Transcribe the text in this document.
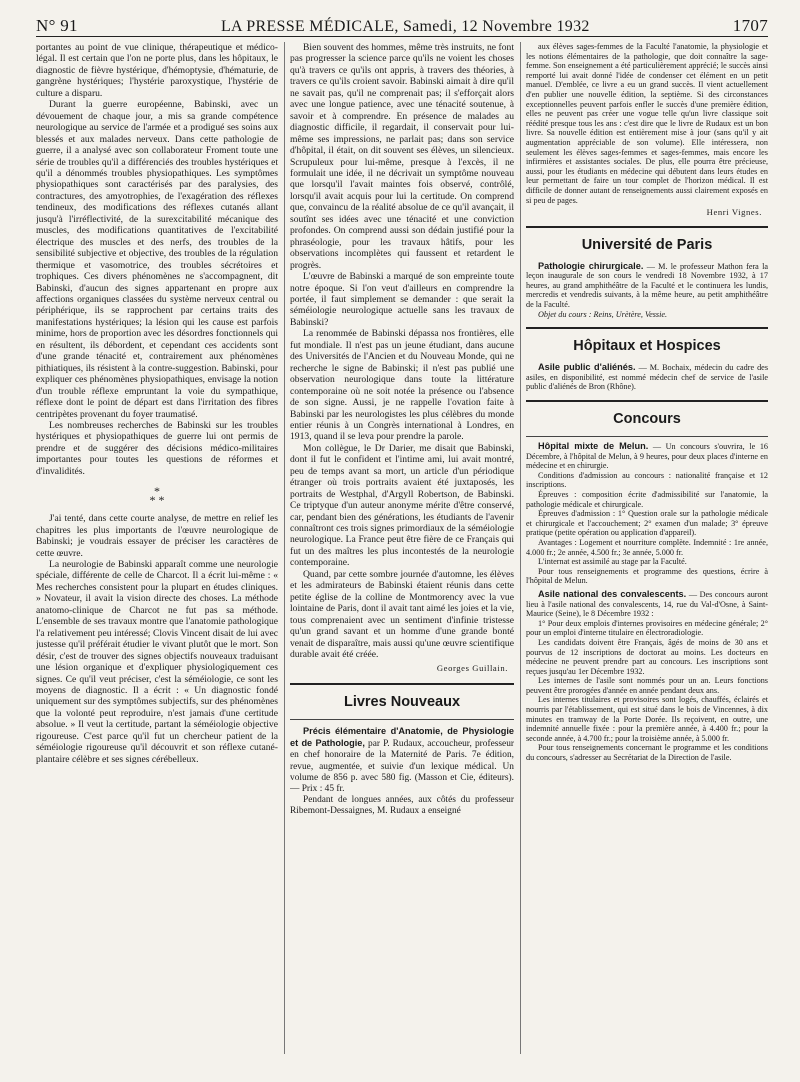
N° 91	LA PRESSE MÉDICALE, Samedi, 12 Novembre 1932	1707

portantes au point de vue clinique, thérapeutique et médico-légal. Il est certain que l'on ne porte plus, dans les hôpitaux, le diagnostic de fièvre hystérique, d'hémoptysie, d'hématurie, de gangrène hystériques; l'hystérie paroxystique, l'hystérie de culture a disparu.

Durant la guerre européenne, Babinski, avec un dévouement de chaque jour, a mis sa grande compétence neurologique au service de l'armée et a prodigué ses soins aux blessés et aux malades nerveux. Dans cette pathologie de guerre, il a analysé avec son collaborateur Froment toute une série de troubles qu'il a différenciés des troubles hystériques et qu'il a dénommés troubles physiopathiques. Les symptômes physiopathiques sont caractérisés par des paralysies, des contractures, des amyotrophies, de l'exagération des réflexes tendineux, des modifications des réflexes cutanés allant jusqu'à l'irréflectivité, de la surexcitabilité mécanique des muscles, des modifications quantitatives de l'excitabilité électrique des muscles et des nerfs, des troubles de la sensibilité subjective et objective, des troubles de la régulation thermique et vasomotrice, des troubles sécrétoires et trophiques. Ces divers phénomènes ne s'accompagnent, dit Babinski, d'aucun des signes appartenant en propre aux affections organiques classées du système nerveux central ou périphérique, ils se rapprochent par certains traits des manifestations hystériques; la lésion qui les cause est parfois minime, hors de proportion avec les désordres fonctionnels qui en résultent, ils débordent, et cependant ces accidents sont d'une grande ténacité et, contrairement aux phénomènes pithiatiques, ils résistent à la contre-suggestion. Babinski, pour expliquer ces phénomènes physiopathiques, envisage la notion d'un trouble réflexe empruntant la voie du sympathique, réflexe dont le point de départ est dans l'irritation des fibres centripètes provenant du foyer traumatisé.

Les nombreuses recherches de Babinski sur les troubles hystériques et physiopathiques de guerre lui ont permis de prendre et de suggérer des décisions médico-militaires importantes pour toutes les questions de réformes et d'invalidités.

*
* *

J'ai tenté, dans cette courte analyse, de mettre en relief les chapitres les plus importants de l'œuvre neurologique de Babinski; je voudrais essayer de préciser les caractères de cette œuvre.

La neurologie de Babinski apparaît comme une neurologie spéciale, différente de celle de Charcot. Il a écrit lui-même : « Mes recherches consistent pour la plupart en études cliniques. » Novateur, il avait la vision directe des choses. La méthode anatomo-clinique de Charcot ne fut pas sa méthode. L'ensemble de ses travaux montre que l'anatomie pathologique l'a relativement peu intéressé; Clovis Vincent disait de lui avec justesse qu'il préférait étudier le vivant plutôt que le mort. Son désir, c'est de trouver des signes objectifs nouveaux traduisant une lésion organique et d'expliquer physiologiquement ces signes. Ce qu'il veut préciser, c'est la séméiologie, ce sont les moyens de diagnostic. Il a écrit : « Un diagnostic fondé uniquement sur des symptômes subjectifs, sur des phénomènes que la volonté peut reproduire, n'est jamais d'une certitude absolue. » Il veut la certitude, partant la séméiologie objective rigoureuse. C'est parce qu'il fut un chercheur patient de la séméiologie rigoureuse qu'il découvrit et son réflexe cutané-plantaire célèbre et ses signes cérébelleux.

Bien souvent des hommes, même très instruits, ne font pas progresser la science parce qu'ils ne voient les choses qu'à travers ce qu'ils ont appris, à travers des théories, à travers ce qu'ils croient savoir. Babinski aimait à dire qu'il ne savait pas, qu'il ne comprenait pas; il s'efforçait alors avec une longue patience, avec une ténacité soutenue, à savoir et à comprendre. En présence de malades au diagnostic difficile, il regardait, il conservait pour lui-même ses impressions, ne parlait pas; dans son service d'hôpital, il était, on dit souvent ses élèves, un silencieux. Scrupuleux pour lui-même, presque à l'excès, il ne formulait une idée, il ne décrivait un symptôme nouveau que lorsqu'il l'avait maintes fois observé, contrôlé, lorsqu'il avait acquis pour lui la certitude. On comprend que, convaincu de la réalité absolue de ce qu'il avançait, il soutînt ses idées avec une ténacité et une conviction profondes. On comprend aussi son dédain justifié pour la phraséologie, pour les travaux hâtifs, pour les observations incomplètes qui faussent et retardent le progrès.

L'œuvre de Babinski a marqué de son empreinte toute notre époque. Si l'on veut d'ailleurs en comprendre la portée, il faut simplement se demander : que serait la séméiologie neurologique actuelle sans les travaux de Babinski?

La renommée de Babinski dépassa nos frontières, elle fut mondiale. Il n'est pas un jeune étudiant, dans aucune des Universités de l'Ancien et du Nouveau Monde, qui ne recherche le signe de Babinski; il n'est pas publié une observation neurologique dans toute la littérature contemporaine où ne soit notée la présence ou l'absence de son signe. Aussi, je ne rappelle l'ovation faite à Babinski par les neurologistes les plus célèbres du monde entier réunis à un Congrès international à Londres, en 1913, quand il se leva pour prendre la parole.

Mon collègue, le Dr Darier, me disait que Babinski, dont il fut le confident et l'intime ami, lui avait montré, peu de temps avant sa mort, un article d'un périodique étranger où trois portraits avaient été juxtaposés, les portraits de Westphal, d'Argyll Robertson, de Babinski. Ce triptyque d'un auteur anonyme mérite d'être conservé, car, pendant bien des générations, les étudiants de l'avenir connaîtront ces trois signes primordiaux de la séméiologie neurologique. La France peut être fière de ce Français qui fut un des maîtres les plus incontestés de la neurologie contemporaine.

Quand, par cette sombre journée d'automne, les élèves et les admirateurs de Babinski étaient réunis dans cette petite église de la colline de Montmorency avec la vue lointaine de Paris, dont il avait tant aimé les joies et la vie, tous comprenaient avec un sentiment d'infinie tristesse qu'un grand savant et un homme d'une grande bonté venait de disparaître, mais aussi qu'une œuvre scientifique durable avait été créée.

Georges Guillain.
Livres Nouveaux

Précis élémentaire d'Anatomie, de Physiologie et de Pathologie, par P. Rudaux, accoucheur, professeur en chef honoraire de la Maternité de Paris. 7e édition, revue, augmentée, et suivie d'un lexique médical. Un volume de 856 p. avec 580 fig. (Masson et Cie, éditeurs). — Prix : 45 fr.

Pendant de longues années, aux côtés du professeur Ribemont-Dessaignes, M. Rudaux a enseigné

aux élèves sages-femmes de la Faculté l'anatomie, la physiologie et les notions élémentaires de la pathologie, que doit connaître la sage-femme. Son enseignement a été particulièrement apprécié; le succès ainsi remporté lui avait donné l'idée de condenser cet élément en un petit manuel. D'emblée, ce livre a eu un grand succès. Il vient actuellement d'en publier une nouvelle édition, la septième. Si des circonstances exceptionnelles peuvent parfois enfler le succès d'une première édition, elles ne peuvent pas créer une vogue telle qu'un livre classique soit réédité presque tous les ans : c'est dire que le livre de Rudaux est un bon livre. Sa nouvelle édition est entièrement mise à jour (sans qu'il y ait augmentation appréciable de son volume). Elle intéressera, non seulement les élèves sages-femmes et sages-femmes, mais encore les infirmières et assistantes sociales. De plus, elle pourra être précieuse, aussi, pour les étudiants en médecine qui débutent dans leurs études en leur permettant de faire un tour complet de l'horizon médical. Il est difficile de donner autant de renseignements aussi clairement exposés en si peu de pages.

Henri Vignes.
Université de Paris

Pathologie chirurgicale. — M. le professeur Mathon fera la leçon inaugurale de son cours le vendredi 18 Novembre 1932, à 17 heures, au grand amphithéâtre de la Faculté et le continuera les lundis, mercredis et vendredis suivants, à la même heure, au petit amphithéâtre de la Faculté.

Objet du cours : Reins, Urètère, Vessie.

Hôpitaux et Hospices

Asile public d'aliénés. — M. Bochaix, médecin du cadre des asiles, en disponibilité, est nommé médecin chef de service de l'asile public d'aliénés de Bron (Rhône).

Concours

Hôpital mixte de Melun. — Un concours s'ouvrira, le 16 Décembre, à l'hôpital de Melun, à 9 heures, pour deux places d'interne en médecine et en chirurgie.

Conditions d'admission au concours : nationalité française et 12 inscriptions.

Épreuves : composition écrite d'admissibilité sur l'anatomie, la pathologie médicale et chirurgicale.

Épreuves d'admission : 1° Question orale sur la pathologie médicale et chirurgicale et l'accouchement; 2° examen d'un malade; 3° épreuve pratique (petite opération ou application d'appareil).

Avantages : Logement et nourriture complète. Indemnité : 1re année, 4.000 fr.; 2e année, 4.500 fr.; 3e année, 5.000 fr.

L'internat est assimilé au stage par la Faculté.

Pour tous renseignements et programme des questions, écrire à l'hôpital de Melun.

Asile national des convalescents. — Des concours auront lieu à l'asile national des convalescents, 14, rue du Val-d'Osne, à Saint-Maurice (Seine), le 8 Décembre 1932 :

1° Pour deux emplois d'internes provisoires en médecine générale; 2° pour un emploi d'interne titulaire en électroradiologie.

Les candidats doivent être Français, âgés de moins de 30 ans et pourvus de 12 inscriptions de doctorat au moins. Les docteurs en médecine ne peuvent prendre part au concours. Les inscriptions sont reçues jusqu'au 1er Décembre 1932.

Les internes de l'asile sont nommés pour un an. Leurs fonctions peuvent être prorogées d'année en année pendant deux ans.

Les internes titulaires et provisoires sont logés, chauffés, éclairés et nourris par l'établissement, qui est situé dans le bois de Vincennes, à dix minutes en tramway de la Porte Dorée. Ils reçoivent, en outre, une indemnité annuelle fixée : pour la première année, à 4.400 fr.; pour la seconde année, à 4.700 fr.; pour la troisième année, à 5.000 fr.

Pour tous renseignements concernant le programme et les conditions du concours, s'adresser au Secrétariat de la Direction de l'asile.
